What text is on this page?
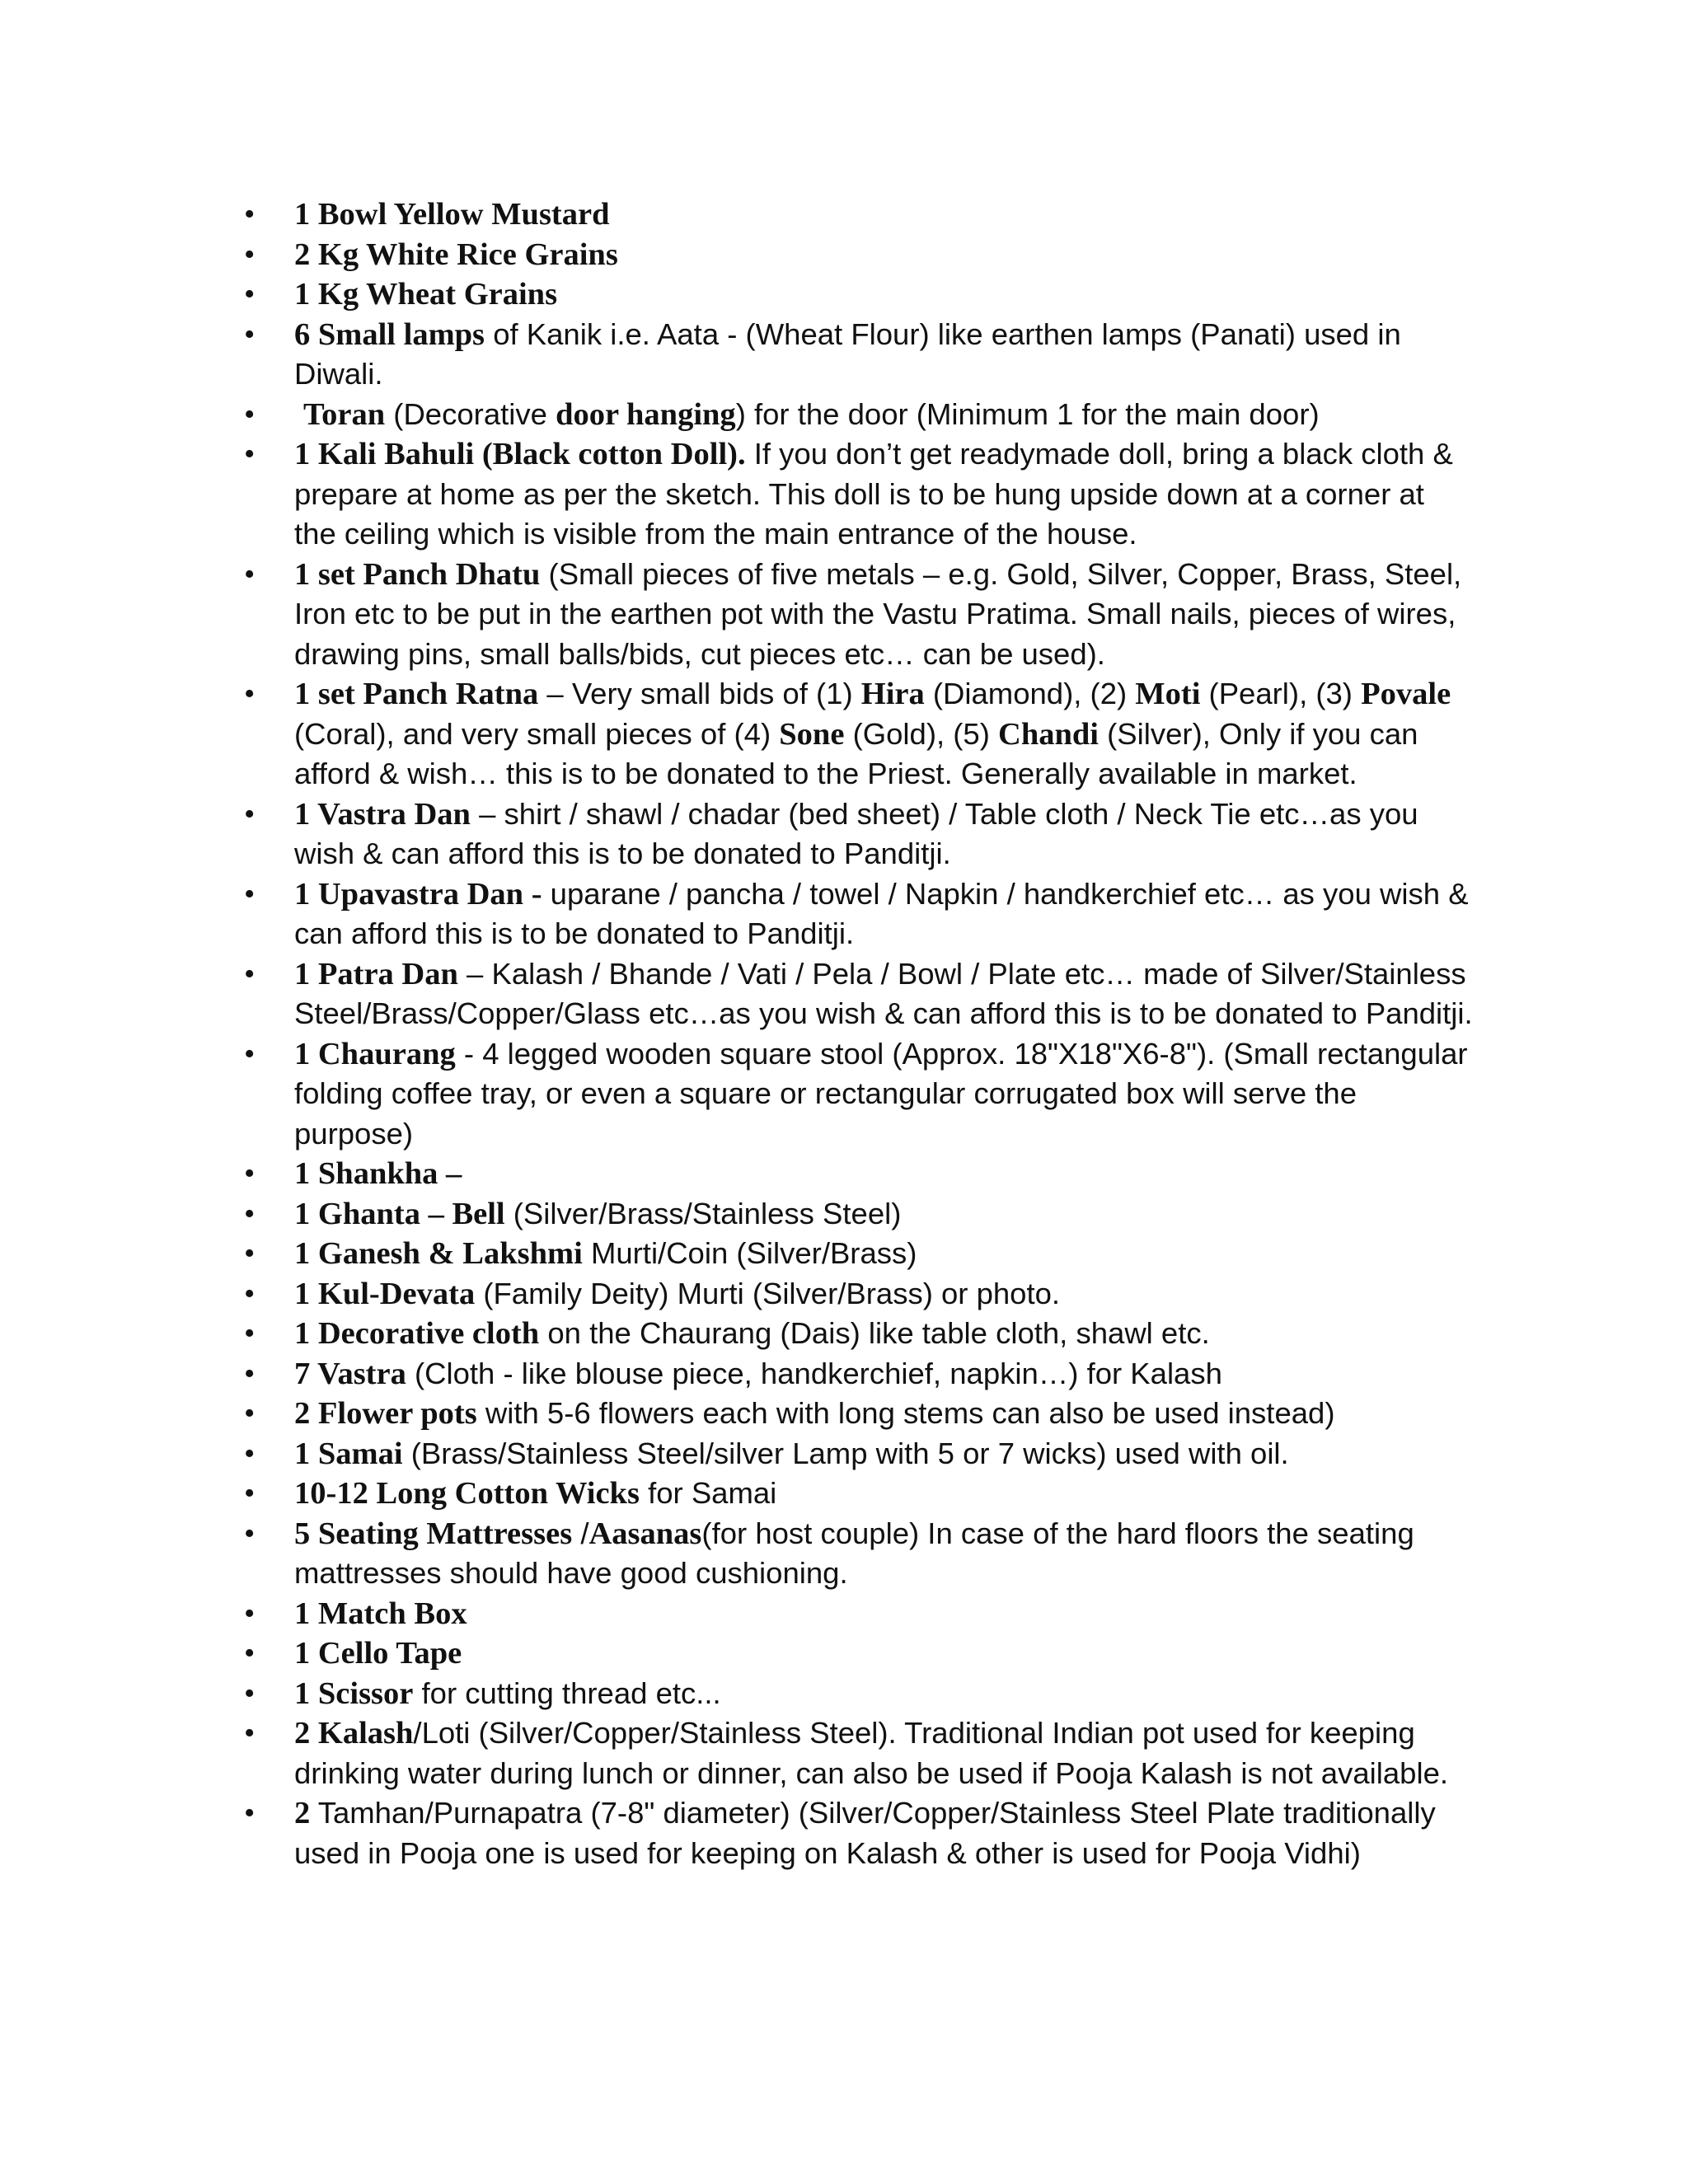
• 1 Bowl Yellow Mustard
• 2 Kg White Rice Grains
• 1 Kg Wheat Grains
• 6 Small lamps of Kanik i.e. Aata - (Wheat Flour) like earthen lamps (Panati) used in Diwali.
• Toran (Decorative door hanging) for the door (Minimum 1 for the main door)
• 1 Kali Bahuli (Black cotton Doll). If you don’t get readymade doll, bring a black cloth & prepare at home as per the sketch. This doll is to be hung upside down at a corner at the ceiling which is visible from the main entrance of the house.
• 1 set Panch Dhatu (Small pieces of five metals – e.g. Gold, Silver, Copper, Brass, Steel, Iron etc to be put in the earthen pot with the Vastu Pratima. Small nails, pieces of wires, drawing pins, small balls/bids, cut pieces etc… can be used).
• 1 set Panch Ratna – Very small bids of (1) Hira (Diamond), (2) Moti (Pearl), (3) Povale (Coral), and very small pieces of (4) Sone (Gold), (5) Chandi (Silver), Only if you can afford & wish… this is to be donated to the Priest. Generally available in market.
• 1 Vastra Dan – shirt / shawl / chadar (bed sheet) / Table cloth / Neck Tie etc…as you wish & can afford this is to be donated to Panditji.
• 1 Upavastra Dan - uparane / pancha / towel / Napkin / handkerchief etc… as you wish & can afford this is to be donated to Panditji.
• 1 Patra Dan – Kalash / Bhande / Vati / Pela / Bowl / Plate etc… made of Silver/Stainless Steel/Brass/Copper/Glass etc…as you wish & can afford this is to be donated to Panditji.
• 1 Chaurang - 4 legged wooden square stool (Approx. 18"X18"X6-8"). (Small rectangular folding coffee tray, or even a square or rectangular corrugated box will serve the purpose)
• 1 Shankha –
• 1 Ghanta – Bell (Silver/Brass/Stainless Steel)
• 1 Ganesh & Lakshmi Murti/Coin (Silver/Brass)
• 1 Kul-Devata (Family Deity) Murti (Silver/Brass) or photo.
• 1 Decorative cloth on the Chaurang (Dais) like table cloth, shawl etc.
• 7 Vastra (Cloth - like blouse piece, handkerchief, napkin…) for Kalash
• 2 Flower pots with 5-6 flowers each with long stems can also be used instead)
• 1 Samai (Brass/Stainless Steel/silver Lamp with 5 or 7 wicks) used with oil.
• 10-12 Long Cotton Wicks for Samai
• 5 Seating Mattresses /Aasanas(for host couple) In case of the hard floors the seating mattresses should have good cushioning.
• 1 Match Box
• 1 Cello Tape
• 1 Scissor for cutting thread etc...
• 2 Kalash/Loti (Silver/Copper/Stainless Steel). Traditional Indian pot used for keeping drinking water during lunch or dinner, can also be used if Pooja Kalash is not available.
• 2 Tamhan/Purnapatra (7-8" diameter) (Silver/Copper/Stainless Steel Plate traditionally used in Pooja one is used for keeping on Kalash & other is used for Pooja Vidhi)
